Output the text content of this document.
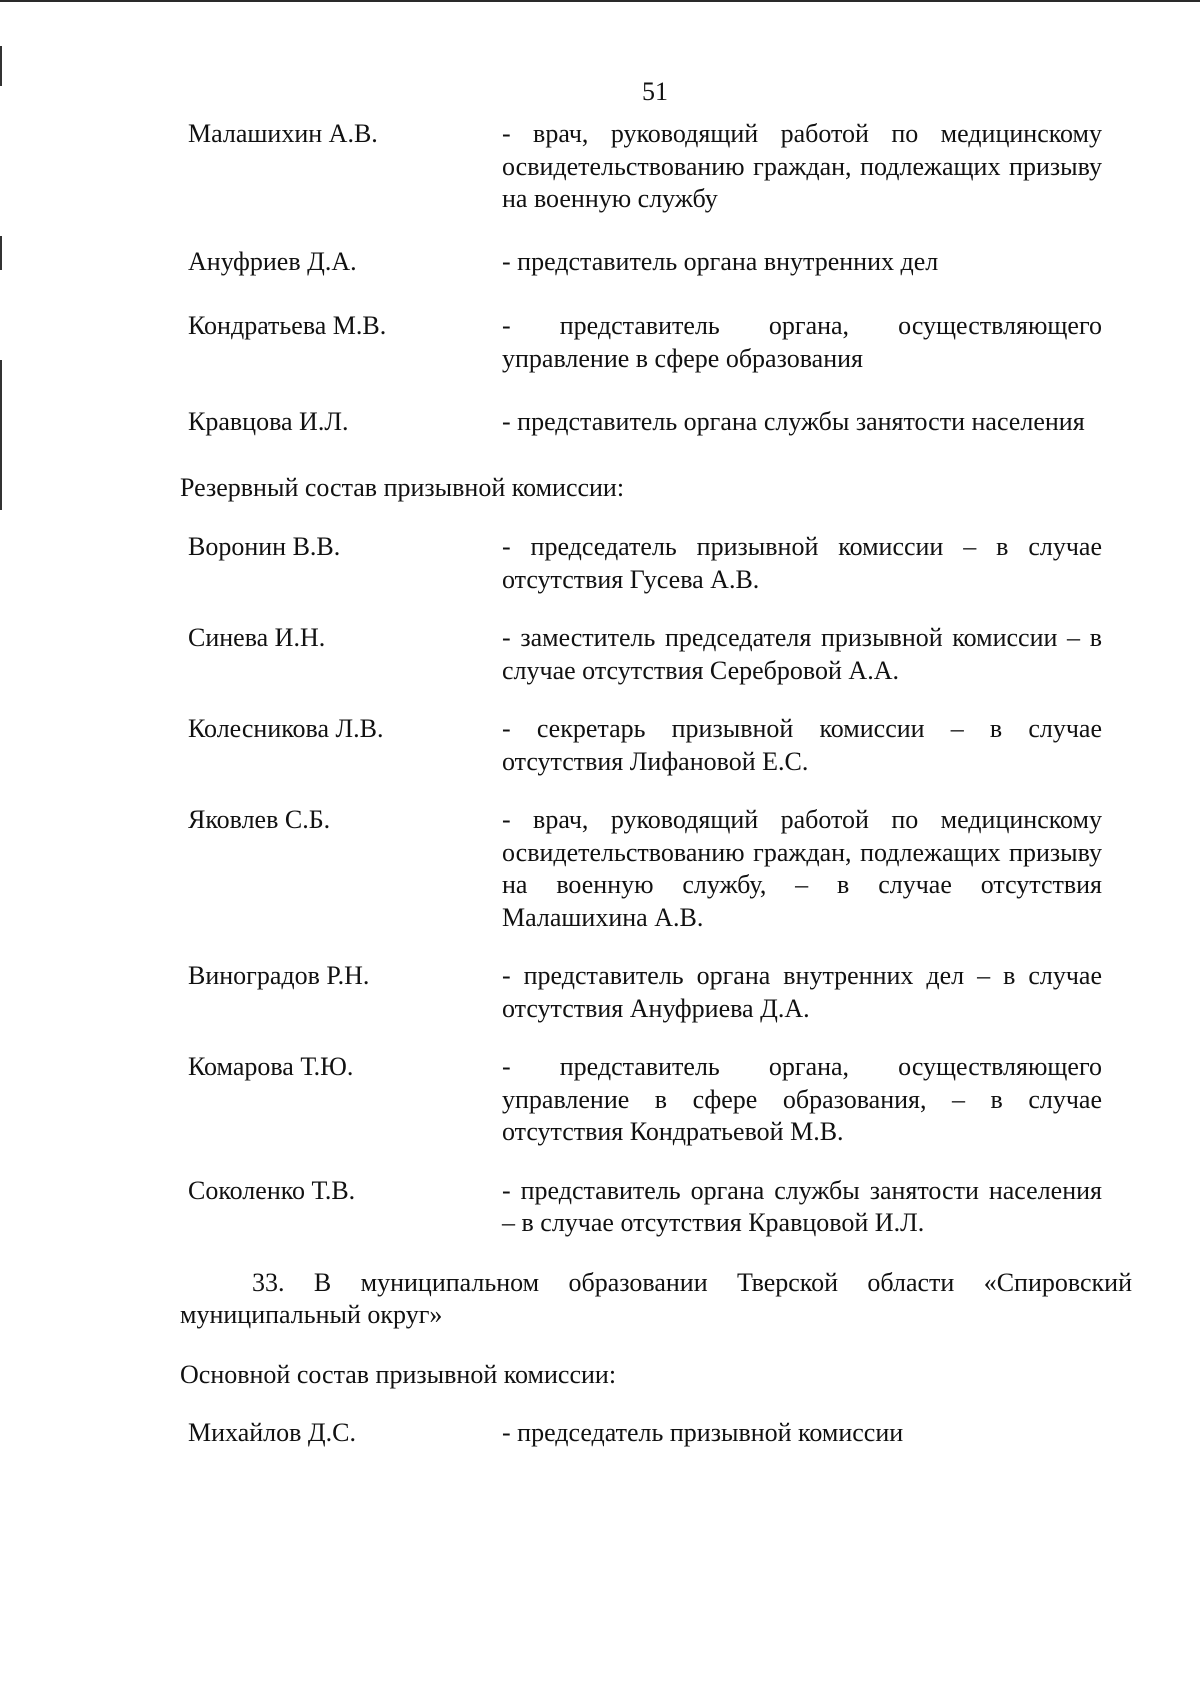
51
Малашихин А.В.	- врач, руководящий работой по медицинскому освидетельствованию граждан, подлежащих призыву на военную службу
Ануфриев Д.А.	- представитель органа внутренних дел
Кондратьева М.В.	- представитель органа, осуществляющего управление в сфере образования
Кравцова И.Л.	- представитель органа службы занятости населения
Резервный состав призывной комиссии:
Воронин В.В.	- председатель призывной комиссии – в случае отсутствия Гусева А.В.
Синева И.Н.	- заместитель председателя призывной комиссии – в случае отсутствия Серебровой А.А.
Колесникова Л.В.	- секретарь призывной комиссии – в случае отсутствия Лифановой Е.С.
Яковлев С.Б.	- врач, руководящий работой по медицинскому освидетельствованию граждан, подлежащих призыву на военную службу, – в случае отсутствия Малашихина А.В.
Виноградов Р.Н.	- представитель органа внутренних дел – в случае отсутствия Ануфриева Д.А.
Комарова Т.Ю.	- представитель органа, осуществляющего управление в сфере образования, – в случае отсутствия Кондратьевой М.В.
Соколенко Т.В.	- представитель органа службы занятости населения – в случае отсутствия Кравцовой И.Л.
33. В муниципальном образовании Тверской области «Спировский муниципальный округ»
Основной состав призывной комиссии:
Михайлов Д.С.	- председатель призывной комиссии
